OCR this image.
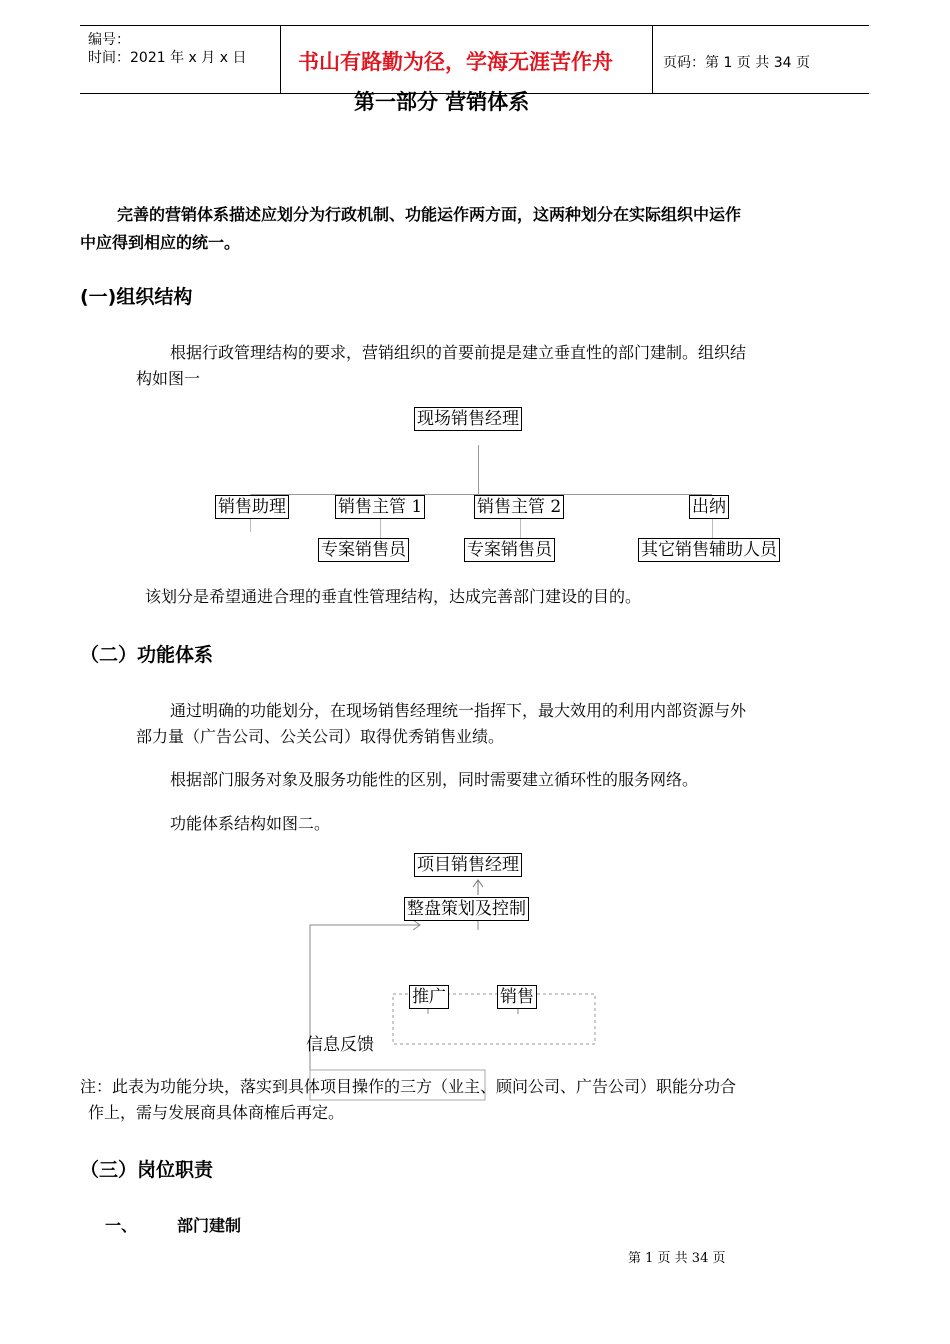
编号：
时间：2021 年 x 月 x 日 书山有路勤为径，学海无涯苦作舟	页码：第 1 页 共 34 页
第一部分 营销体系
完善的营销体系描述应划分为行政机制、功能运作两方面，这两种划分在实际组织中运作
中应得到相应的统一。
(一)组织结构
根据行政管理结构的要求，营销组织的首要前提是建立垂直性的部门建制。组织结
构如图一
现场销售经理
销售助理	销售主管 1	销售主管 2	出纳
专案销售员	专案销售员	其它销售辅助人员
该划分是希望通进合理的垂直性管理结构，达成完善部门建设的目的。
（二）功能体系
通过明确的功能划分，在现场销售经理统一指挥下，最大效用的利用内部资源与外
部力量（广告公司、公关公司）取得优秀销售业绩。
根据部门服务对象及服务功能性的区别，同时需要建立循环性的服务网络。
功能体系结构如图二。
项目销售经理
整盘策划及控制
推广	销售
信息反馈
注：此表为功能分块，落实到具体项目操作的三方（业主、顾问公司、广告公司）职能分功合
作上，需与发展商具体商榷后再定。
（三）岗位职责
一、 部门建制
第 1 页 共 34 页
